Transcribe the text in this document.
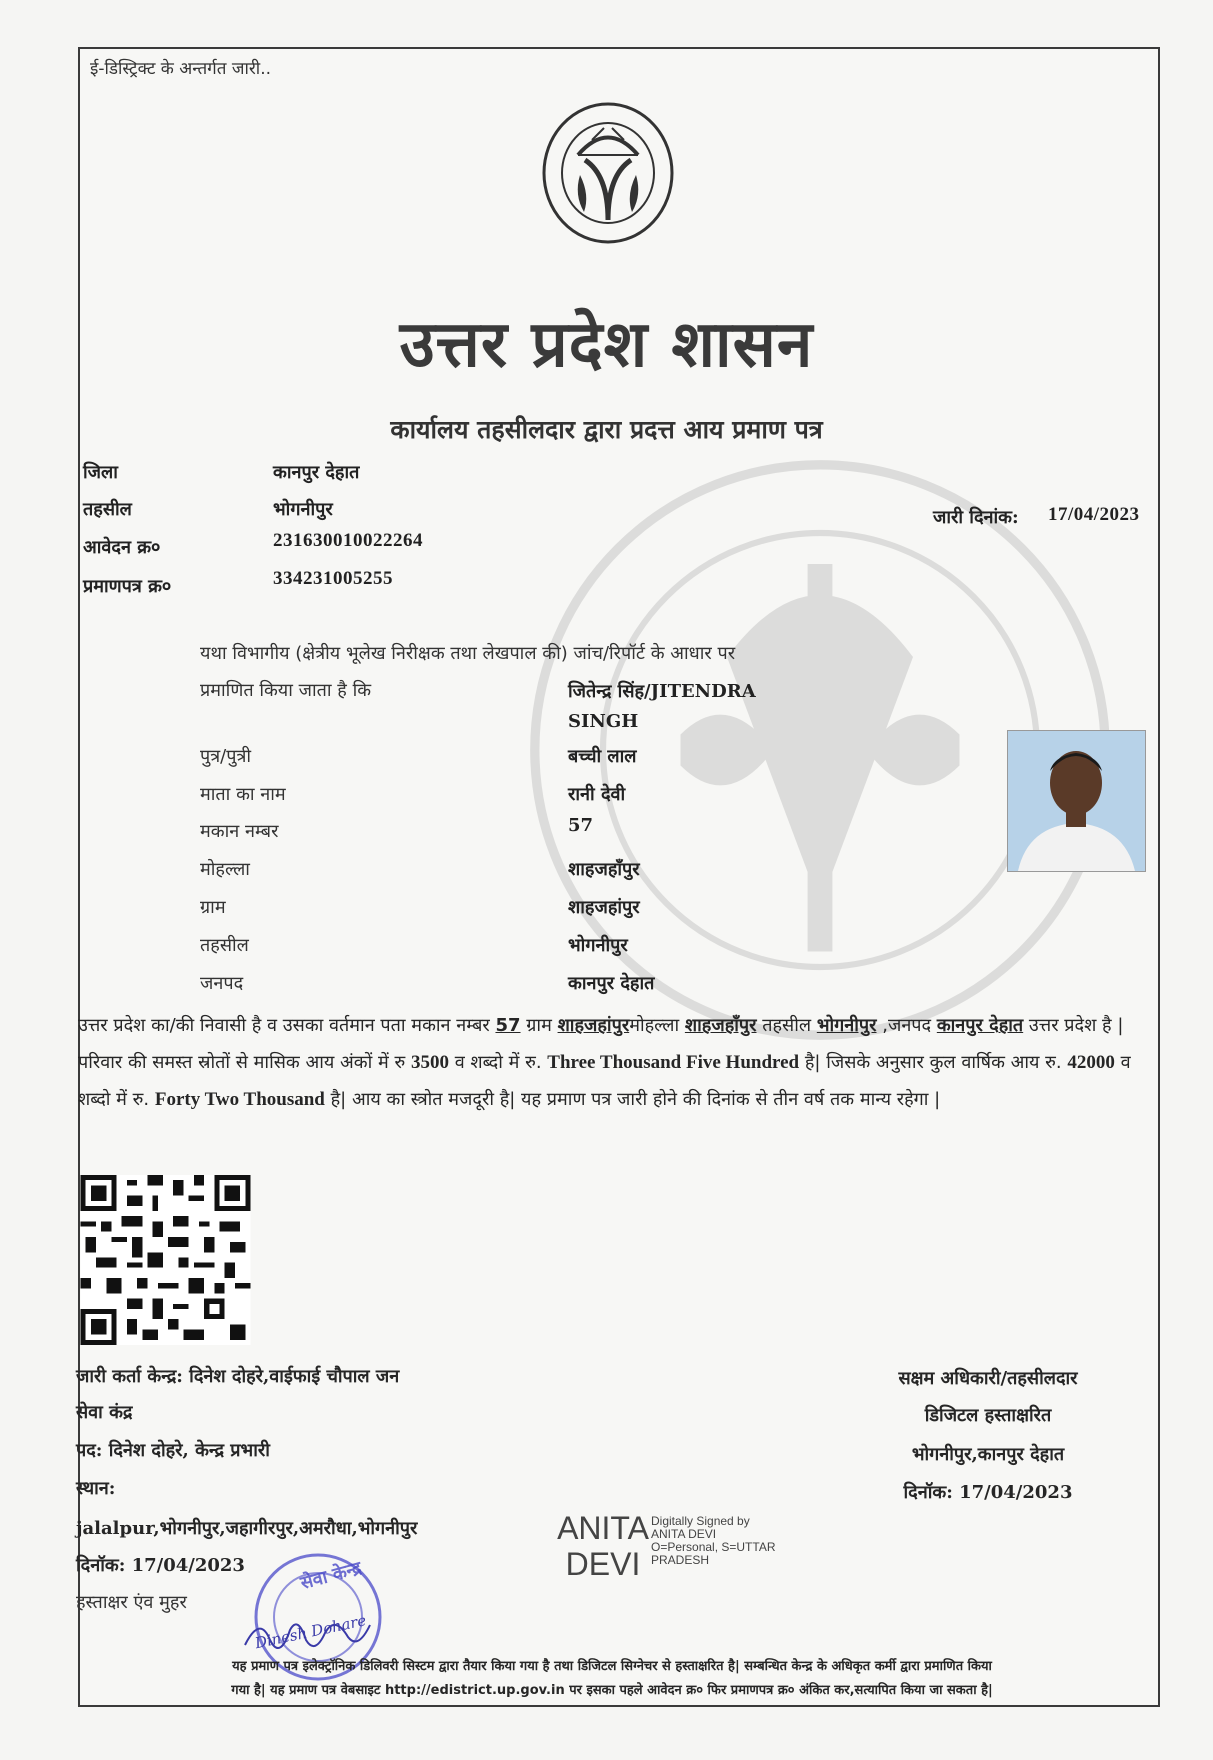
ई-डिस्ट्रिक्ट के अन्तर्गत जारी..
उत्तर प्रदेश शासन
कार्यालय तहसीलदार द्वारा प्रदत्त आय प्रमाण पत्र
जिला	कानपुर देहात
तहसील	भोगनीपुर
आवेदन क्र०	231630010022264
प्रमाणपत्र क्र०	334231005255
जारी दिनांक: 17/04/2023
यथा विभागीय (क्षेत्रीय भूलेख निरीक्षक तथा लेखपाल की) जांच/रिपॉर्ट के आधार पर
प्रमाणित किया जाता है कि	जितेन्द्र सिंह/JITENDRA
SINGH
पुत्र/पुत्री	बच्ची लाल
माता का नाम	रानी देवी
मकान नम्बर	57
मोहल्ला	शाहजहाँपुर
ग्राम	शाहजहांपुर
तहसील	भोगनीपुर
जनपद	कानपुर देहात
उत्तर प्रदेश का/की निवासी है व उसका वर्तमान पता मकान नम्बर 57 ग्राम शाहजहांपुरमोहल्ला शाहजहाँपुर तहसील भोगनीपुर ,जनपद कानपुर देहात उत्तर प्रदेश है | परिवार की समस्त स्रोतों से मासिक आय अंकों में रु 3500 व शब्दो में रु. Three Thousand Five Hundred है| जिसके अनुसार कुल वार्षिक आय रु. 42000 व शब्दो में रु. Forty Two Thousand है| आय का स्त्रोत मजदूरी है| यह प्रमाण पत्र जारी होने की दिनांक से तीन वर्ष तक मान्य रहेगा |
जारी कर्ता केन्द्र: दिनेश दोहरे,वाईफाई चौपाल जन
सेवा कंद्र
पद: दिनेश दोहरे, केन्द्र प्रभारी
स्थान:
jalalpur,भोगनीपुर,जहागीरपुर,अमरौधा,भोगनीपुर
दिनॉक: 17/04/2023
हस्ताक्षर एंव मुहर
सक्षम अधिकारी/तहसीलदार
डिजिटल हस्ताक्षरित
भोगनीपुर,कानपुर देहात
दिनॉक: 17/04/2023
ANITA
DEVI
Digitally Signed by
ANITA DEVI
O=Personal, S=UTTAR
PRADESH
सेवा केन्द्र
Dinesh Dohare
यह प्रमाण पत्र इलेक्ट्रॉनिक डिलिवरी सिस्टम द्वारा तैयार किया गया है तथा डिजिटल सिग्नेचर से हस्ताक्षरित है| सम्बन्धित केन्द्र के अधिकृत कर्मी द्वारा प्रमाणित किया
गया है| यह प्रमाण पत्र वेबसाइट http://edistrict.up.gov.in पर इसका पहले आवेदन क्र० फिर प्रमाणपत्र क्र० अंकित कर,सत्यापित किया जा सकता है|
